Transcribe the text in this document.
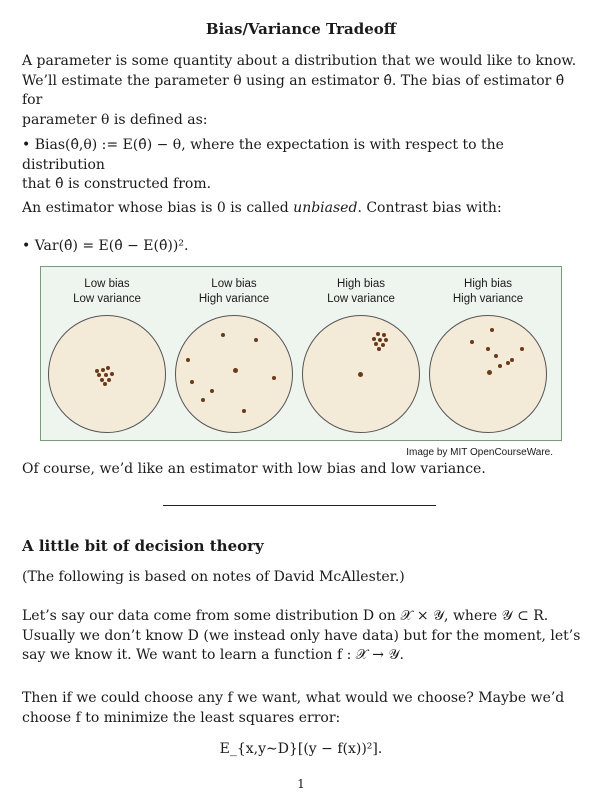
Bias/Variance Tradeoff
A parameter is some quantity about a distribution that we would like to know.
We’ll estimate the parameter θ using an estimator θ̂. The bias of estimator θ̂ for
parameter θ is defined as:
• Bias(θ̂,θ) := E(θ̂) − θ, where the expectation is with respect to the distribution
that θ̂ is constructed from.
An estimator whose bias is 0 is called unbiased. Contrast bias with:
• Var(θ̂) = E(θ̂ − E(θ̂))².
Low bias
Low variance
Low bias
High variance
High bias
Low variance
High bias
High variance
Image by MIT OpenCourseWare.
Of course, we’d like an estimator with low bias and low variance.
A little bit of decision theory
(The following is based on notes of David McAllester.)
Let’s say our data come from some distribution D on 𝒳 × 𝒴, where 𝒴 ⊂ R.
Usually we don’t know D (we instead only have data) but for the moment, let’s
say we know it. We want to learn a function f : 𝒳 → 𝒴.
Then if we could choose any f we want, what would we choose? Maybe we’d
choose f to minimize the least squares error:
E_{x,y∼D}[(y − f(x))²].
1
